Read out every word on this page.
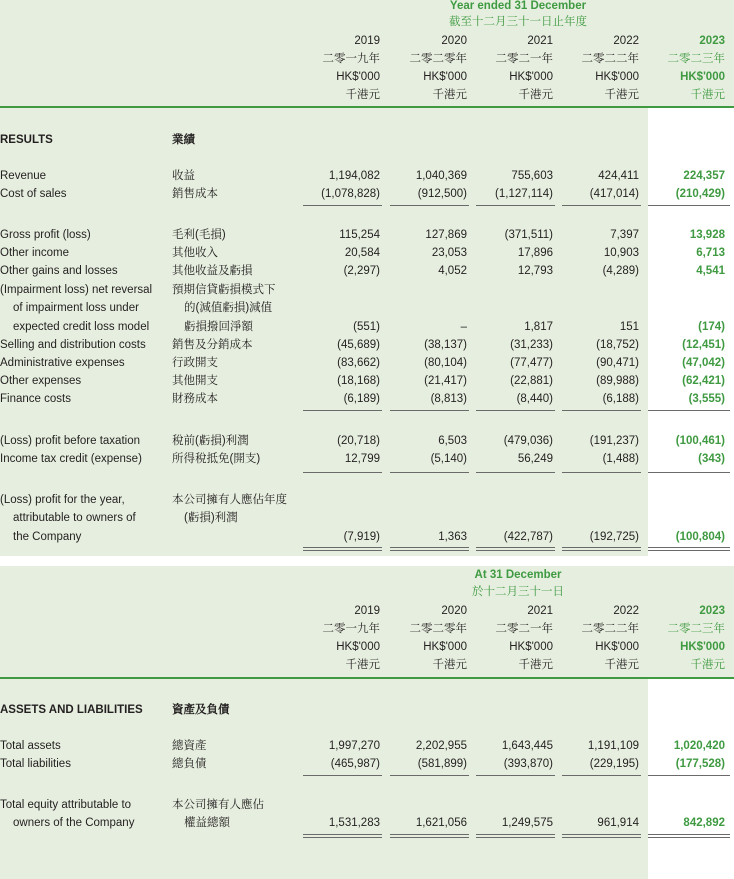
Year ended 31 December
截至十二月三十一日止年度
2019	2020	2021	2022	2023
二零一九年	二零二零年	二零二一年	二零二二年	二零二三年
HK$'000	HK$'000	HK$'000	HK$'000	HK$'000
千港元	千港元	千港元	千港元	千港元
RESULTS	業績
Revenue	收益	1,194,082	1,040,369	755,603	424,411	224,357
Cost of sales	銷售成本	(1,078,828)	(912,500)	(1,127,114)	(417,014)	(210,429)
Gross profit (loss)	毛利(毛損)	115,254	127,869	(371,511)	7,397	13,928
Other income	其他收入	20,584	23,053	17,896	10,903	6,713
Other gains and losses	其他收益及虧損	(2,297)	4,052	12,793	(4,289)	4,541
(Impairment loss) net reversal
of impairment loss under
expected credit loss model
預期信貸虧損模式下
的(減值虧損)減值
虧損撥回淨額	(551)	–	1,817	151	(174)
Selling and distribution costs 銷售及分銷成本	(45,689)	(38,137)	(31,233)	(18,752)	(12,451)
Administrative expenses	行政開支	(83,662)	(80,104)	(77,477)	(90,471)	(47,042)
Other expenses	其他開支	(18,168)	(21,417)	(22,881)	(89,988)	(62,421)
Finance costs	財務成本	(6,189)	(8,813)	(8,440)	(6,188)	(3,555)
(Loss) profit before taxation	稅前(虧損)利潤	(20,718)	6,503	(479,036)	(191,237)	(100,461)
Income tax credit (expense)	所得稅抵免(開支)	12,799	(5,140)	56,249	(1,488)	(343)
(Loss) profit for the year,
attributable to owners of
the Company
本公司擁有人應佔年度
(虧損)利潤
(7,919)	1,363	(422,787)	(192,725)	(100,804)
At 31 December
於十二月三十一日
2019	2020	2021	2022	2023
二零一九年	二零二零年	二零二一年	二零二二年	二零二三年
HK$'000	HK$'000	HK$'000	HK$'000	HK$'000
千港元	千港元	千港元	千港元	千港元
ASSETS AND LIABILITIES	資產及負債
Total assets	總資產	1,997,270	2,202,955	1,643,445	1,191,109	1,020,420
Total liabilities	總負債	(465,987)	(581,899)	(393,870)	(229,195)	(177,528)
Total equity attributable to
owners of the Company
本公司擁有人應佔
權益總額	1,531,283	1,621,056	1,249,575	961,914	842,892
